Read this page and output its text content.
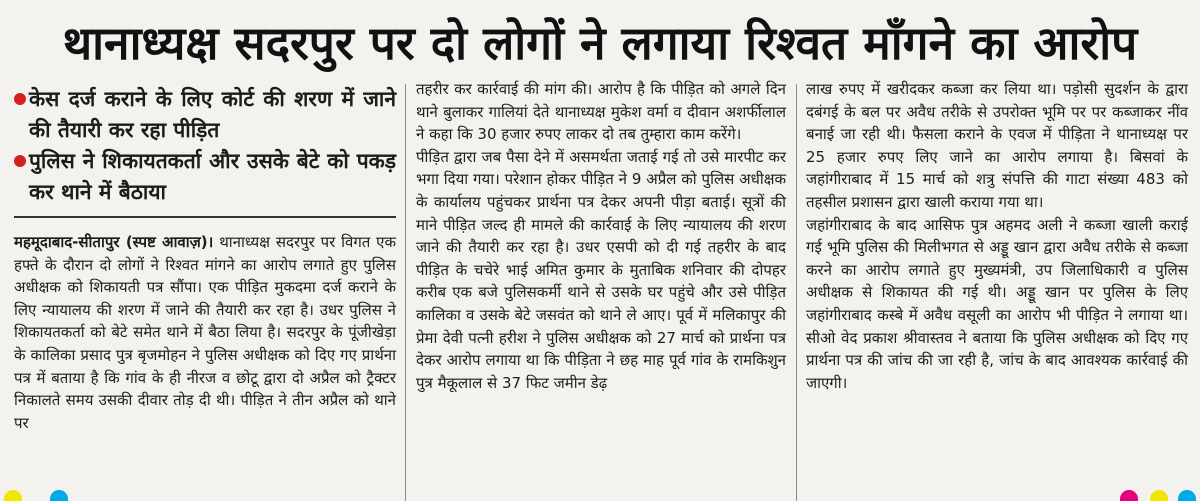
थानाध्यक्ष सदरपुर पर दो लोगों ने लगाया रिश्वत माँगने का आरोप
केस दर्ज कराने के लिए कोर्ट की शरण में जाने की तैयारी कर रहा पीड़ित
पुलिस ने शिकायतकर्ता और उसके बेटे को पकड़ कर थाने में बैठाया

महमूदाबाद-सीतापुर (स्पष्ट आवाज़)। थानाध्यक्ष सदरपुर पर विगत एक हफ्ते के दौरान दो लोगों ने रिश्वत मांगने का आरोप लगाते हुए पुलिस अधीक्षक को शिकायती पत्र सौंपा। एक पीड़ित मुकदमा दर्ज कराने के लिए न्यायालय की शरण में जाने की तैयारी कर रहा है। उधर पुलिस ने शिकायतकर्ता को बेटे समेत थाने में बैठा लिया है। सदरपुर के पूंजीखेड़ा के कालिका प्रसाद पुत्र बृजमोहन ने पुलिस अधीक्षक को दिए गए प्रार्थना पत्र में बताया है कि गांव के ही नीरज व छोटू द्वारा दो अप्रैल को ट्रैक्टर निकालते समय उसकी दीवार तोड़ दी थी। पीड़ित ने तीन अप्रैल को थाने पर

तहरीर कर कार्रवाई की मांग की। आरोप है कि पीड़ित को अगले दिन थाने बुलाकर गालियां देते थानाध्यक्ष मुकेश वर्मा व दीवान अशर्फीलाल ने कहा कि 30 हजार रुपए लाकर दो तब तुम्हारा काम करेंगे।

पीड़ित द्वारा जब पैसा देने में असमर्थता जताई गई तो उसे मारपीट कर भगा दिया गया। परेशान होकर पीड़ित ने 9 अप्रैल को पुलिस अधीक्षक के कार्यालय पहुंचकर प्रार्थना पत्र देकर अपनी पीड़ा बताई। सूत्रों की माने पीड़ित जल्द ही मामले की कार्रवाई के लिए न्यायालय की शरण जाने की तैयारी कर रहा है। उधर एसपी को दी गई तहरीर के बाद पीड़ित के चचेरे भाई अमित कुमार के मुताबिक शनिवार की दोपहर करीब एक बजे पुलिसकर्मी थाने से उसके घर पहुंचे और उसे पीड़ित कालिका व उसके बेटे जसवंत को थाने ले आए। पूर्व में मलिकापुर की प्रेमा देवी पत्नी हरीश ने पुलिस अधीक्षक को 27 मार्च को प्रार्थना पत्र देकर आरोप लगाया था कि पीड़िता ने छह माह पूर्व गांव के रामकिशुन पुत्र मैकूलाल से 37 फिट जमीन डेढ़

लाख रुपए में खरीदकर कब्जा कर लिया था। पड़ोसी सुदर्शन के द्वारा दबंगई के बल पर अवैध तरीके से उपरोक्त भूमि पर पर कब्जाकर नींव बनाई जा रही थी। फैसला कराने के एवज में पीड़िता ने थानाध्यक्ष पर 25 हजार रुपए लिए जाने का आरोप लगाया है। बिसवां के जहांगीराबाद में 15 मार्च को शत्रु संपत्ति की गाटा संख्या 483 को तहसील प्रशासन द्वारा खाली कराया गया था।

जहांगीराबाद के बाद आसिफ पुत्र अहमद अली ने कब्जा खाली कराई गई भूमि पुलिस की मिलीभगत से अड्डू खान द्वारा अवैध तरीके से कब्जा करने का आरोप लगाते हुए मुख्यमंत्री, उप जिलाधिकारी व पुलिस अधीक्षक से शिकायत की गई थी। अड्डू खान पर पुलिस के लिए जहांगीराबाद कस्बे में अवैध वसूली का आरोप भी पीड़ित ने लगाया था। सीओ वेद प्रकाश श्रीवास्तव ने बताया कि पुलिस अधीक्षक को दिए गए प्रार्थना पत्र की जांच की जा रही है, जांच के बाद आवश्यक कार्रवाई की जाएगी।
